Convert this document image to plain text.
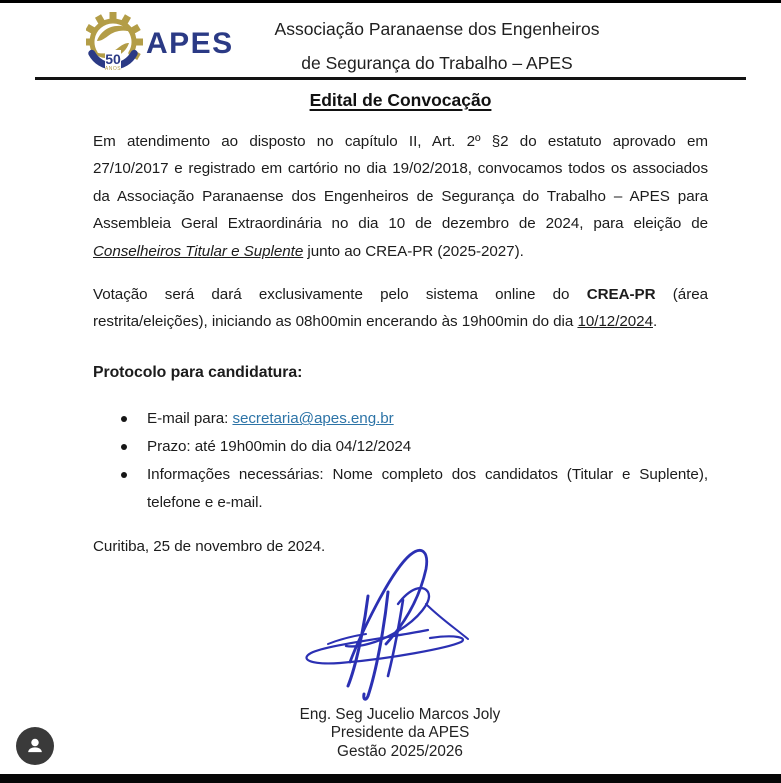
50
ANOS
APES	Associação Paranaense dos Engenheiros
de Segurança do Trabalho – APES
Edital de Convocação
Em atendimento ao disposto no capítulo II, Art. 2º §2 do estatuto aprovado em
27/10/2017 e registrado em cartório no dia 19/02/2018, convocamos todos os associados
da Associação Paranaense dos Engenheiros de Segurança do Trabalho – APES para
Assembleia Geral Extraordinária no dia 10 de dezembro de 2024, para eleição de
Conselheiros Titular e Suplente junto ao CREA-PR (2025-2027).
Votação será dará exclusivamente pelo sistema online do CREA-PR (área
restrita/eleições), iniciando as 08h00min encerando às 19h00min do dia 10/12/2024.
Protocolo para candidatura:
E-mail para: secretaria@apes.eng.br
Prazo: até 19h00min do dia 04/12/2024
Informações necessárias: Nome completo dos candidatos (Titular e Suplente),
telefone e e-mail.
Curitiba, 25 de novembro de 2024.
Eng. Seg Jucelio Marcos Joly
Presidente da APES
Gestão 2025/2026
